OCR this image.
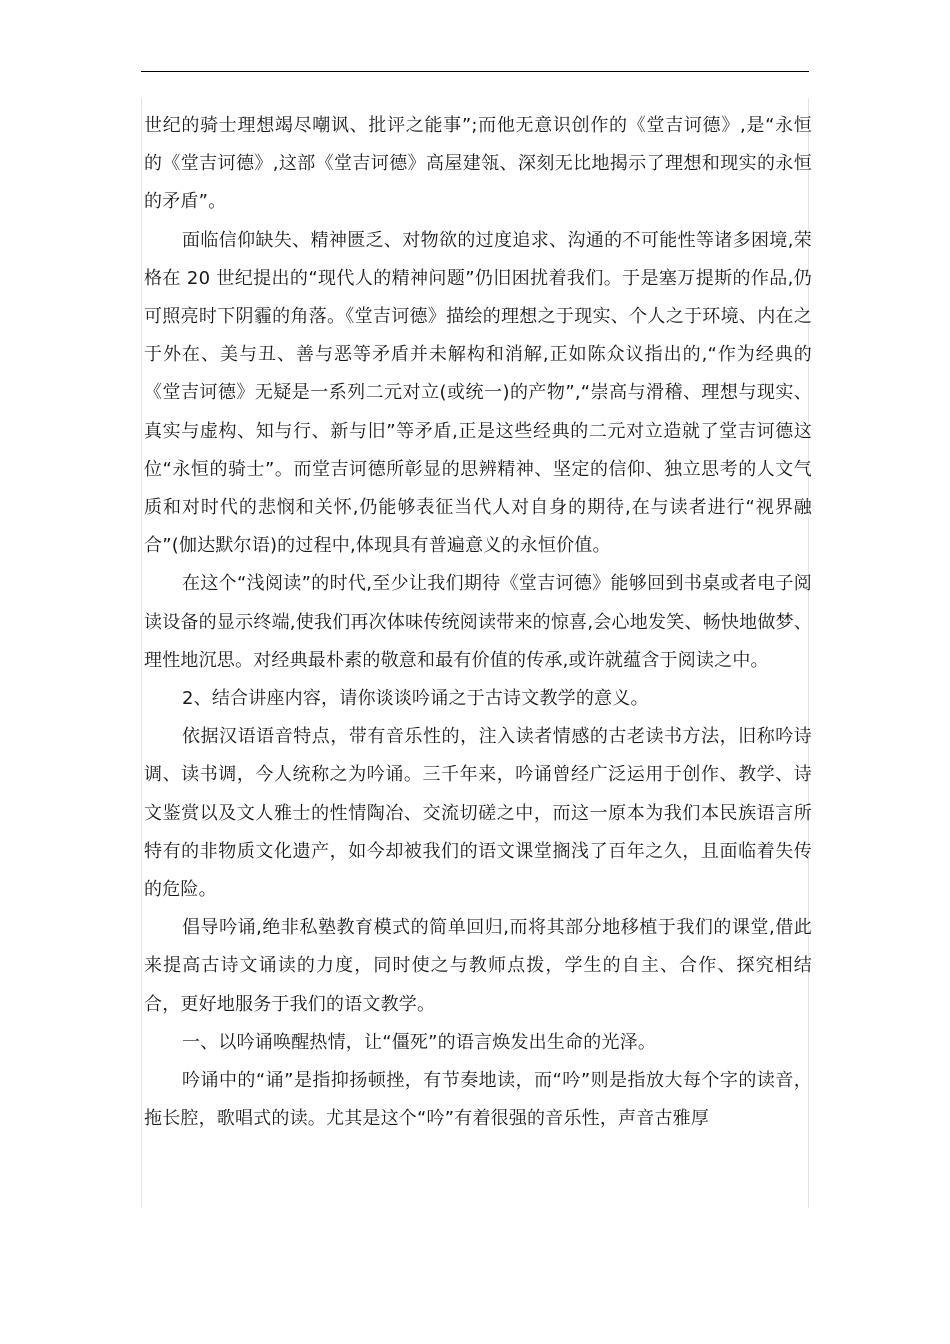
世纪的骑士理想竭尽嘲讽、批评之能事”;而他无意识创作的《堂吉诃德》,是“永恒的《堂吉诃德》,这部《堂吉诃德》高屋建瓴、深刻无比地揭示了理想和现实的永恒的矛盾”。

面临信仰缺失、精神匮乏、对物欲的过度追求、沟通的不可能性等诸多困境,荣格在 20 世纪提出的“现代人的精神问题”仍旧困扰着我们。于是塞万提斯的作品,仍可照亮时下阴霾的角落。《堂吉诃德》描绘的理想之于现实、个人之于环境、内在之于外在、美与丑、善与恶等矛盾并未解构和消解,正如陈众议指出的,“作为经典的《堂吉诃德》无疑是一系列二元对立(或统一)的产物”,“崇高与滑稽、理想与现实、真实与虚构、知与行、新与旧”等矛盾,正是这些经典的二元对立造就了堂吉诃德这位“永恒的骑士”。而堂吉诃德所彰显的思辨精神、坚定的信仰、独立思考的人文气质和对时代的悲悯和关怀,仍能够表征当代人对自身的期待,在与读者进行“视界融合”(伽达默尔语)的过程中,体现具有普遍意义的永恒价值。

在这个“浅阅读”的时代,至少让我们期待《堂吉诃德》能够回到书桌或者电子阅读设备的显示终端,使我们再次体味传统阅读带来的惊喜,会心地发笑、畅快地做梦、理性地沉思。对经典最朴素的敬意和最有价值的传承,或许就蕴含于阅读之中。

2、结合讲座内容，请你谈谈吟诵之于古诗文教学的意义。

依据汉语语音特点，带有音乐性的，注入读者情感的古老读书方法，旧称吟诗调、读书调，今人统称之为吟诵。三千年来，吟诵曾经广泛运用于创作、教学、诗文鉴赏以及文人雅士的性情陶冶、交流切磋之中，而这一原本为我们本民族语言所特有的非物质文化遗产，如今却被我们的语文课堂搁浅了百年之久，且面临着失传的危险。

倡导吟诵,绝非私塾教育模式的简单回归,而将其部分地移植于我们的课堂,借此来提高古诗文诵读的力度，同时使之与教师点拨，学生的自主、合作、探究相结合，更好地服务于我们的语文教学。

一、以吟诵唤醒热情，让“僵死”的语言焕发出生命的光泽。

吟诵中的“诵”是指抑扬顿挫，有节奏地读，而“吟”则是指放大每个字的读音，拖长腔，歌唱式的读。尤其是这个“吟”有着很强的音乐性，声音古雅厚
